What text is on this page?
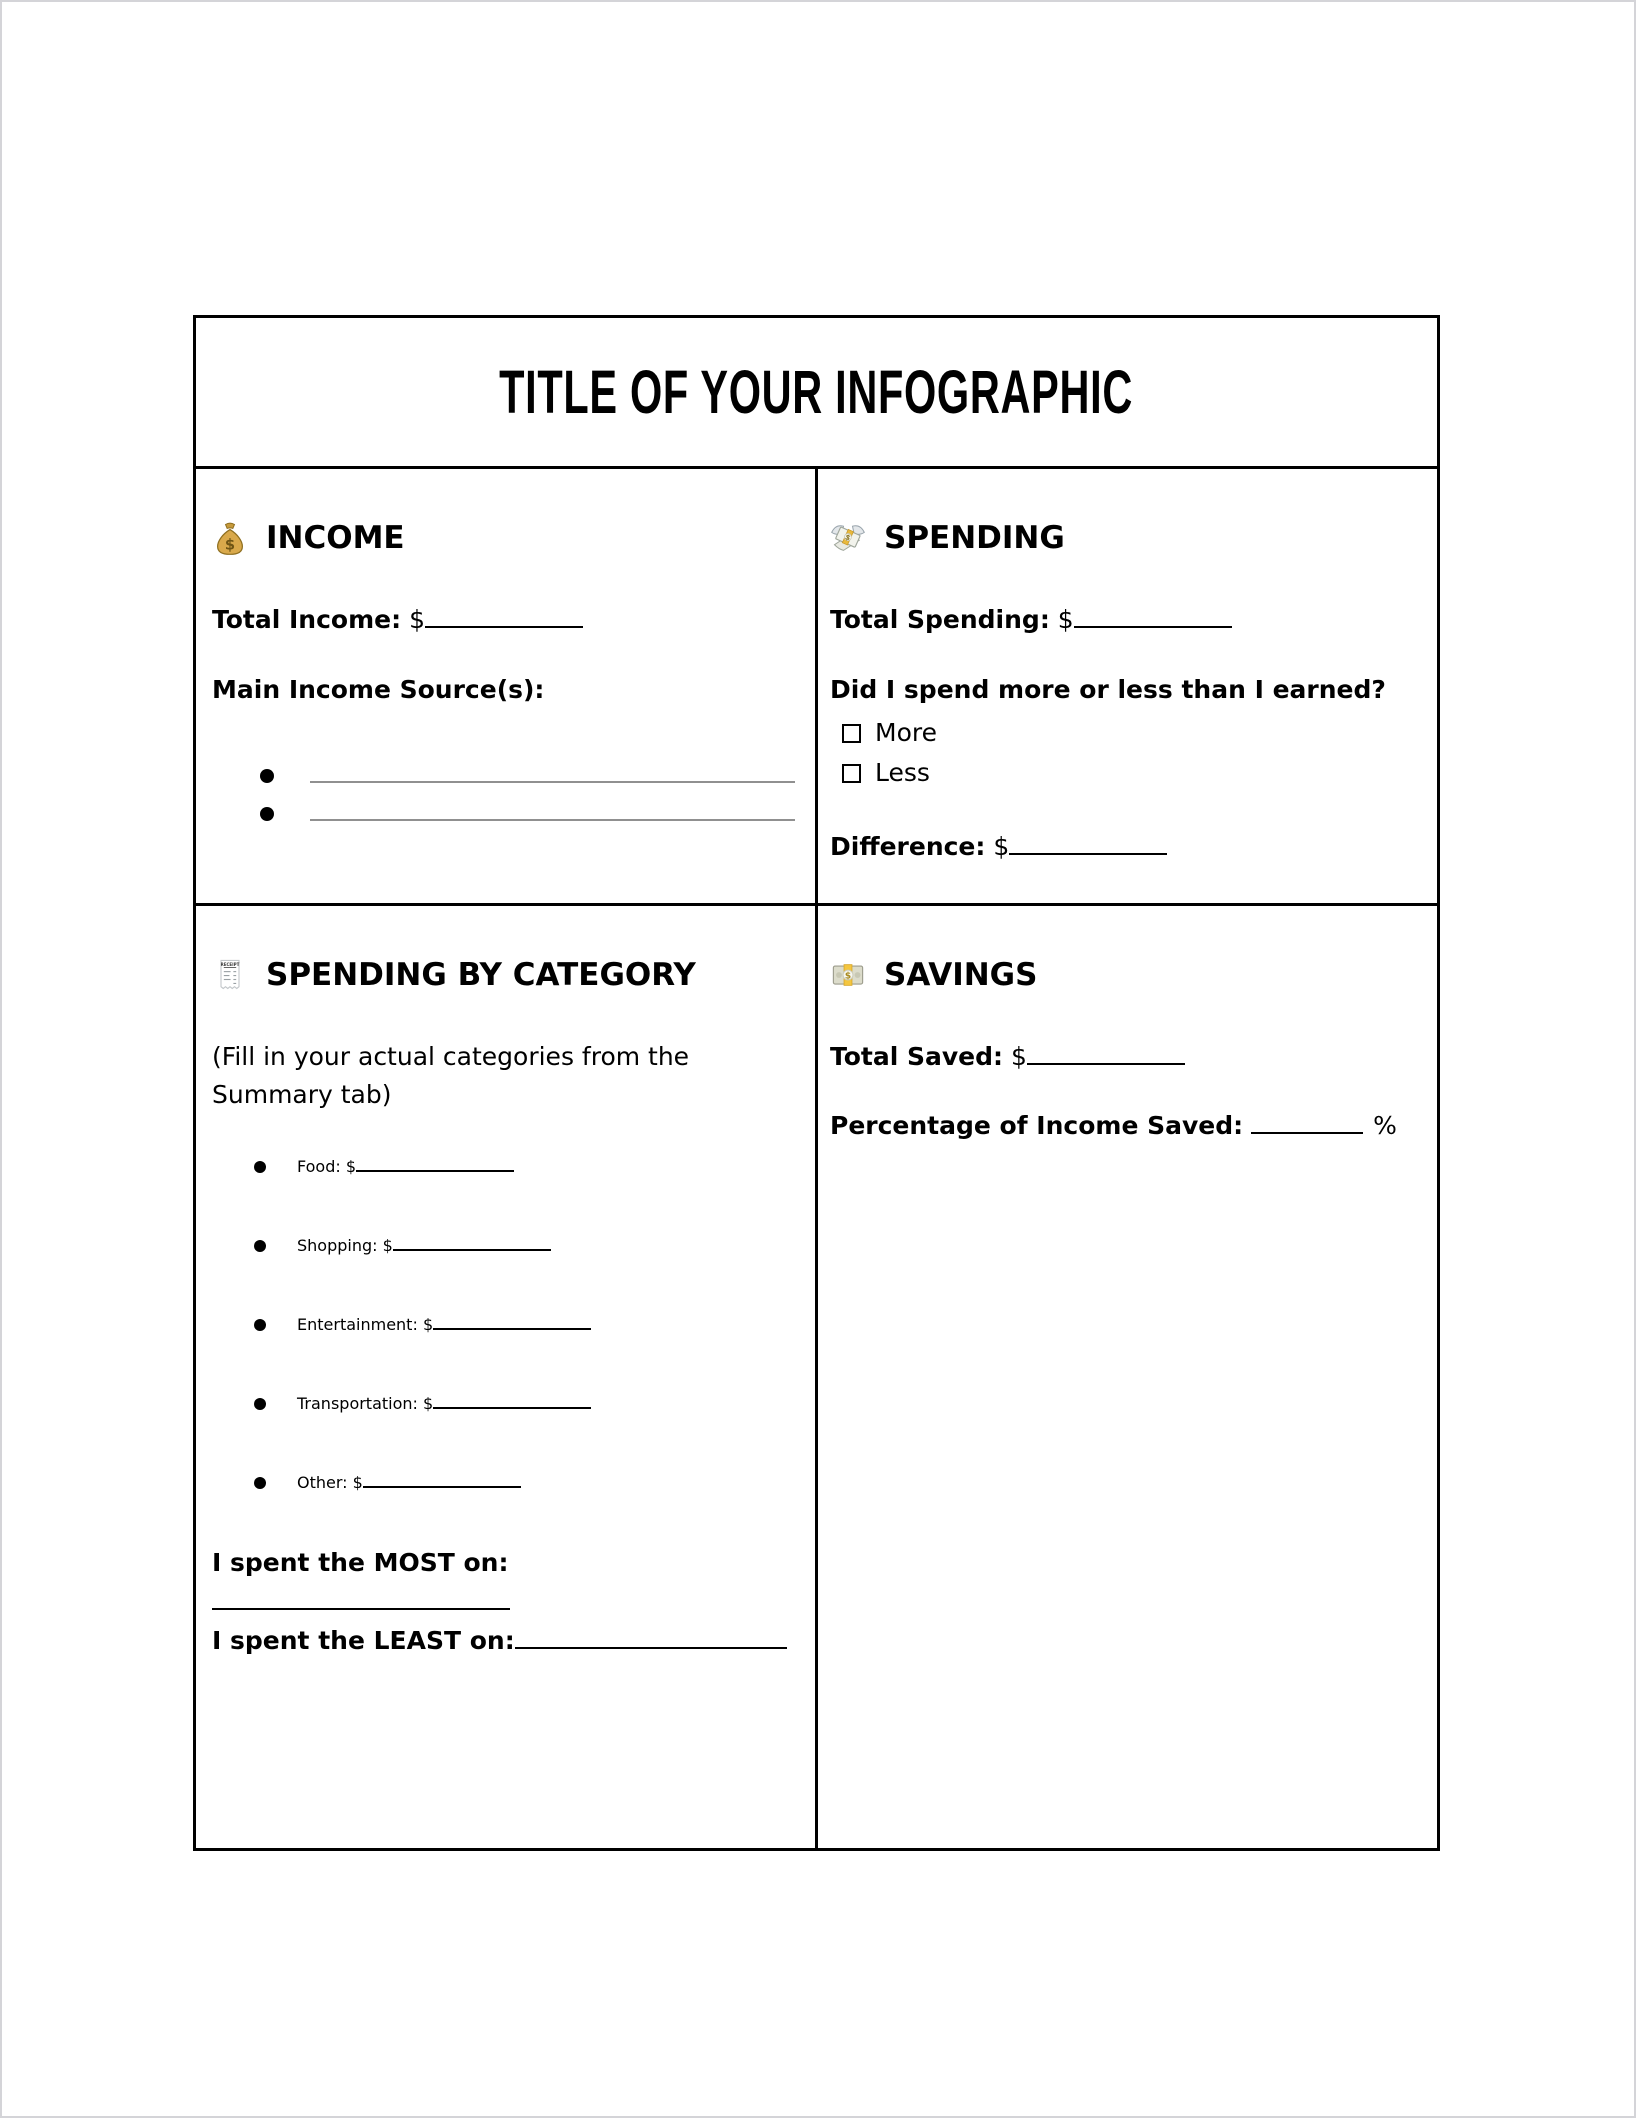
TITLE OF YOUR INFOGRAPHIC
$ INCOME

Total Income: $

Main Income Source(s):

$ SPENDING

Total Spending: $

Did I spend more or less than I earned?

More
Less

Difference: $

RECEIPT SPENDING BY CATEGORY

(Fill in your actual categories from the Summary tab)

Food: $
Shopping: $
Entertainment: $
Transportation: $
Other: $

I spent the MOST on:

I spent the LEAST on:

$ SAVINGS

Total Saved: $

Percentage of Income Saved:	%
